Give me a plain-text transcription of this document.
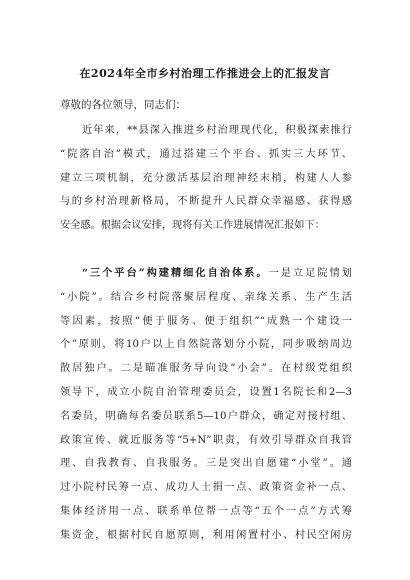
在2024年全市乡村治理工作推进会上的汇报发言
尊敬的各位领导，同志们：
近年来，**县深入推进乡村治理现代化，积极探索推行
“院落自治”模式，通过搭建三个平台、抓实三大环节、
建立三项机制，充分激活基层治理神经末梢，构建人人参
与的乡村治理新格局，不断提升人民群众幸福感、获得感
安全感。根据会议安排，现将有关工作进展情况汇报如下：
“三个平台”构建精细化自治体系。一是立足院情划
“小院”。结合乡村院落聚居程度、亲缘关系、生产生活
等因素，按照“便于服务、便于组织”“成熟一个建设一
个”原则，将10户以上自然院落划分小院，同步吸纳周边
散居独户。二是瞄准服务导向设“小会”。在村级党组织
领导下，成立小院自治管理委员会，设置1名院长和2—3
名委员，明确每名委员联系5—10户群众，确定对接村组、
政策宣传、就近服务等“5+N”职责，有效引导群众自我管
理、自我教育、自我服务。三是突出自愿建“小堂”。通
过小院村民筹一点、成功人士捐一点、政策资金补一点、
集体经济用一点、联系单位帮一点等“五个一点”方式筹
集资金，根据村民自愿原则，利用闲置村小、村民空闲房
